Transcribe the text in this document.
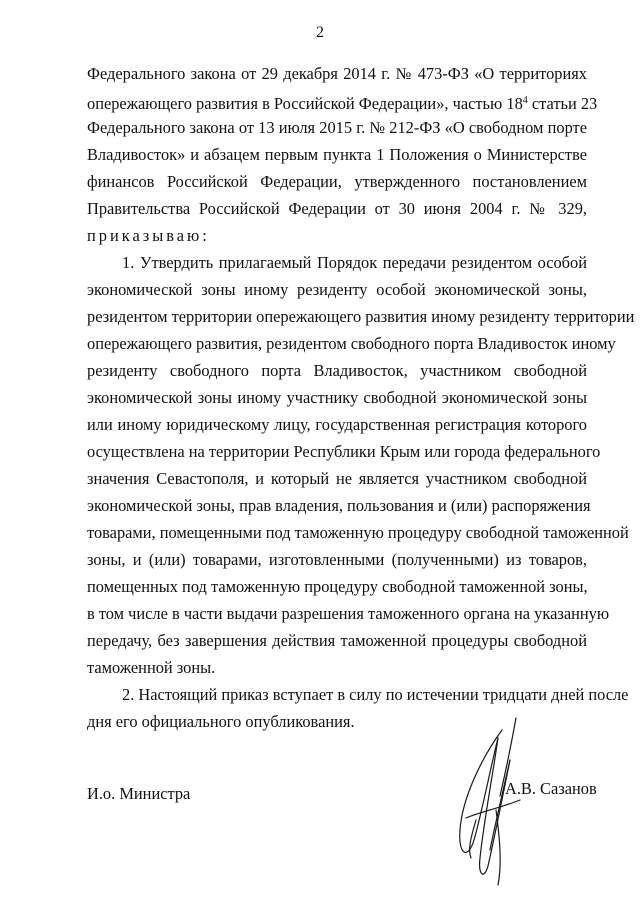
2
Федерального закона от 29 декабря 2014 г. № 473-ФЗ «О территориях
опережающего развития в Российской Федерации», частью $18^4$ статьи 23
Федерального закона от 13 июля 2015 г. № 212-ФЗ «О свободном порте
Владивосток» и абзацем первым пункта 1 Положения о Министерстве
финансов Российской Федерации, утвержденного постановлением
Правительства Российской Федерации от 30 июня 2004 г. № 329,
приказываю:
1. Утвердить прилагаемый Порядок передачи резидентом особой
экономической зоны иному резиденту особой экономической зоны,
резидентом территории опережающего развития иному резиденту территории
опережающего развития, резидентом свободного порта Владивосток иному
резиденту свободного порта Владивосток, участником свободной
экономической зоны иному участнику свободной экономической зоны
или иному юридическому лицу, государственная регистрация которого
осуществлена на территории Республики Крым или города федерального
значения Севастополя, и который не является участником свободной
экономической зоны, прав владения, пользования и (или) распоряжения
товарами, помещенными под таможенную процедуру свободной таможенной
зоны, и (или) товарами, изготовленными (полученными) из товаров,
помещенных под таможенную процедуру свободной таможенной зоны,
в том числе в части выдачи разрешения таможенного органа на указанную
передачу, без завершения действия таможенной процедуры свободной
таможенной зоны.
2. Настоящий приказ вступает в силу по истечении тридцати дней после
дня его официального опубликования.
И.о. Министра	А.В. Сазанов
